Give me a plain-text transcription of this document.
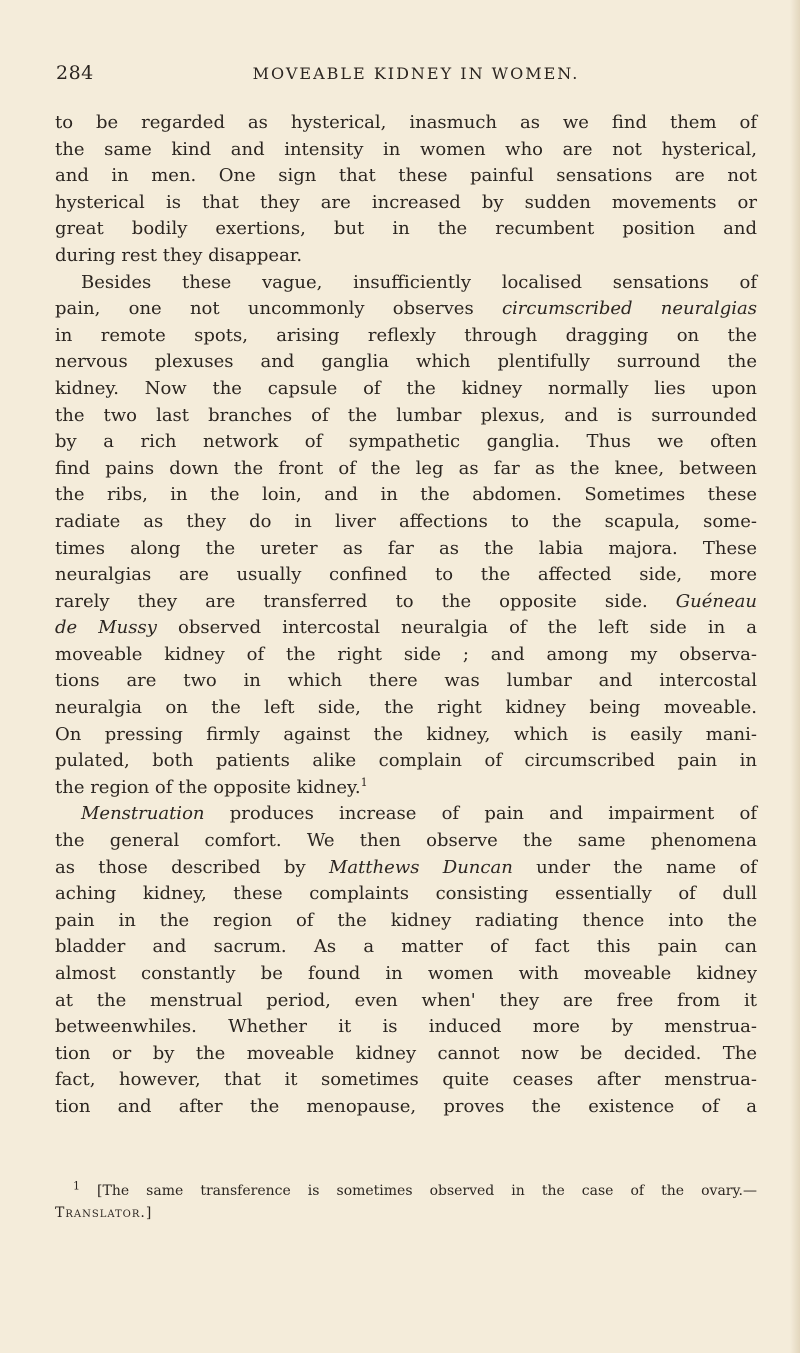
284	MOVEABLE KIDNEY IN WOMEN.
to be regarded as hysterical, inasmuch as we find them of
the same kind and intensity in women who are not hysterical,
and in men. One sign that these painful sensations are not
hysterical is that they are increased by sudden movements or
great bodily exertions, but in the recumbent position and
during rest they disappear.
Besides these vague, insufficiently localised sensations of
pain, one not uncommonly observes circumscribed neuralgias
in remote spots, arising reflexly through dragging on the
nervous plexuses and ganglia which plentifully surround the
kidney. Now the capsule of the kidney normally lies upon
the two last branches of the lumbar plexus, and is surrounded
by a rich network of sympathetic ganglia. Thus we often
find pains down the front of the leg as far as the knee, between
the ribs, in the loin, and in the abdomen. Sometimes these
radiate as they do in liver affections to the scapula, some-
times along the ureter as far as the labia majora. These
neuralgias are usually confined to the affected side, more
rarely they are transferred to the opposite side. Guéneau
de Mussy observed intercostal neuralgia of the left side in a
moveable kidney of the right side ; and among my observa-
tions are two in which there was lumbar and intercostal
neuralgia on the left side, the right kidney being moveable.
On pressing firmly against the kidney, which is easily mani-
pulated, both patients alike complain of circumscribed pain in
the region of the opposite kidney.$^1$
Menstruation produces increase of pain and impairment of
the general comfort. We then observe the same phenomena
as those described by Matthews Duncan under the name of
aching kidney, these complaints consisting essentially of dull
pain in the region of the kidney radiating thence into the
bladder and sacrum. As a matter of fact this pain can
almost constantly be found in women with moveable kidney
at the menstrual period, even when' they are free from it
betweenwhiles. Whether it is induced more by menstrua-
tion or by the moveable kidney cannot now be decided. The
fact, however, that it sometimes quite ceases after menstrua-
tion and after the menopause, proves the existence of a
$^1$ [The same transference is sometimes observed in the case of the ovary.—
Translator.]
